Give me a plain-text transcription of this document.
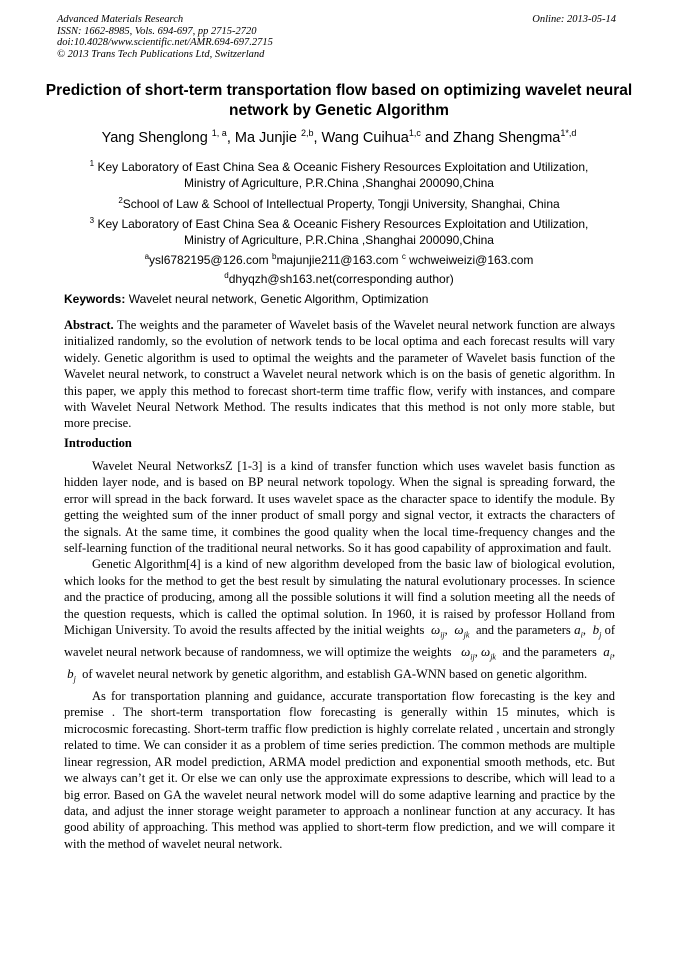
Advanced Materials Research
ISSN: 1662-8985, Vols. 694-697, pp 2715-2720
doi:10.4028/www.scientific.net/AMR.694-697.2715
© 2013 Trans Tech Publications Ltd, Switzerland
Online: 2013-05-14
Prediction of short-term transportation flow based on optimizing wavelet neural network by Genetic Algorithm
Yang Shenglong $^{1, a}$, Ma Junjie $^{2,b}$, Wang Cuihua$^{1,c}$ and Zhang Shengma$^{1*,d}$
$^1$ Key Laboratory of East China Sea & Oceanic Fishery Resources Exploitation and Utilization, Ministry of Agriculture, P.R.China ,Shanghai 200090,China
$^2$School of Law & School of Intellectual Property, Tongji University, Shanghai, China
$^3$ Key Laboratory of East China Sea & Oceanic Fishery Resources Exploitation and Utilization, Ministry of Agriculture, P.R.China ,Shanghai 200090,China
$^a$ysl6782195@126.com $^b$majunjie211@163.com $^c$ wchweiweizi@163.com
$^d$dhyqzh@sh163.net(corresponding author)
Keywords: Wavelet neural network, Genetic Algorithm, Optimization

Abstract. The weights and the parameter of Wavelet basis of the Wavelet neural network function are always initialized randomly, so the evolution of network tends to be local optima and each forecast results will vary widely. Genetic algorithm is used to optimal the weights and the parameter of Wavelet basis function of the Wavelet neural network, to construct a Wavelet neural network which is on the basis of genetic algorithm. In this paper, we apply this method to forecast short-term time traffic flow, verify with instances, and compare with Wavelet Neural Network Method. The results indicates that this method is not only more stable, but more precise.

Introduction

Wavelet Neural NetworksZ [1-3] is a kind of transfer function which uses wavelet basis function as hidden layer node, and is based on BP neural network topology. When the signal is spreading forward, the error will spread in the back forward. It uses wavelet space as the character space to identify the module. By getting the weighted sum of the inner product of small porgy and signal vector, it extracts the characters of the signals. At the same time, it combines the good quality when the local time-frequency changes and the self-learning function of the traditional neural networks. So it has good capability of approximation and fault.

Genetic Algorithm[4] is a kind of new algorithm developed from the basic law of biological evolution, which looks for the method to get the best result by simulating the natural evolutionary processes. In science and the practice of producing, among all the possible solutions it will find a solution meeting all the needs of the question requests, which is called the optimal solution. In 1960, it is raised by professor Holland from Michigan University. To avoid the results affected by the initial weights $\omega_{ij}$, $\omega_{jk}$ and the parameters $a_i$, $b_j$ of wavelet neural network because of randomness, we will optimize the weights $\omega_{ij}$, $\omega_{jk}$ and the parameters $a_i$,  $b_j$ of wavelet neural network by genetic algorithm, and establish GA-WNN based on genetic algorithm.

As for transportation planning and guidance, accurate transportation flow forecasting is the key and premise . The short-term transportation flow forecasting is generally within 15 minutes, which is microcosmic forecasting. Short-term traffic flow prediction is highly correlate related , uncertain and strongly related to time. We can consider it as a problem of time series prediction. The common methods are multiple linear regression, AR model prediction, ARMA model prediction and exponential smooth methods, etc. But we always can’t get it. Or else we can only use the approximate expressions to describe, which will lead to a big error. Based on GA the wavelet neural network model will do some adaptive learning and practice by the data, and adjust the inner storage weight parameter to approach a nonlinear function at any accuracy. It has good ability of approaching. This method was applied to short-term flow prediction, and we will compare it with the method of wavelet neural network.
